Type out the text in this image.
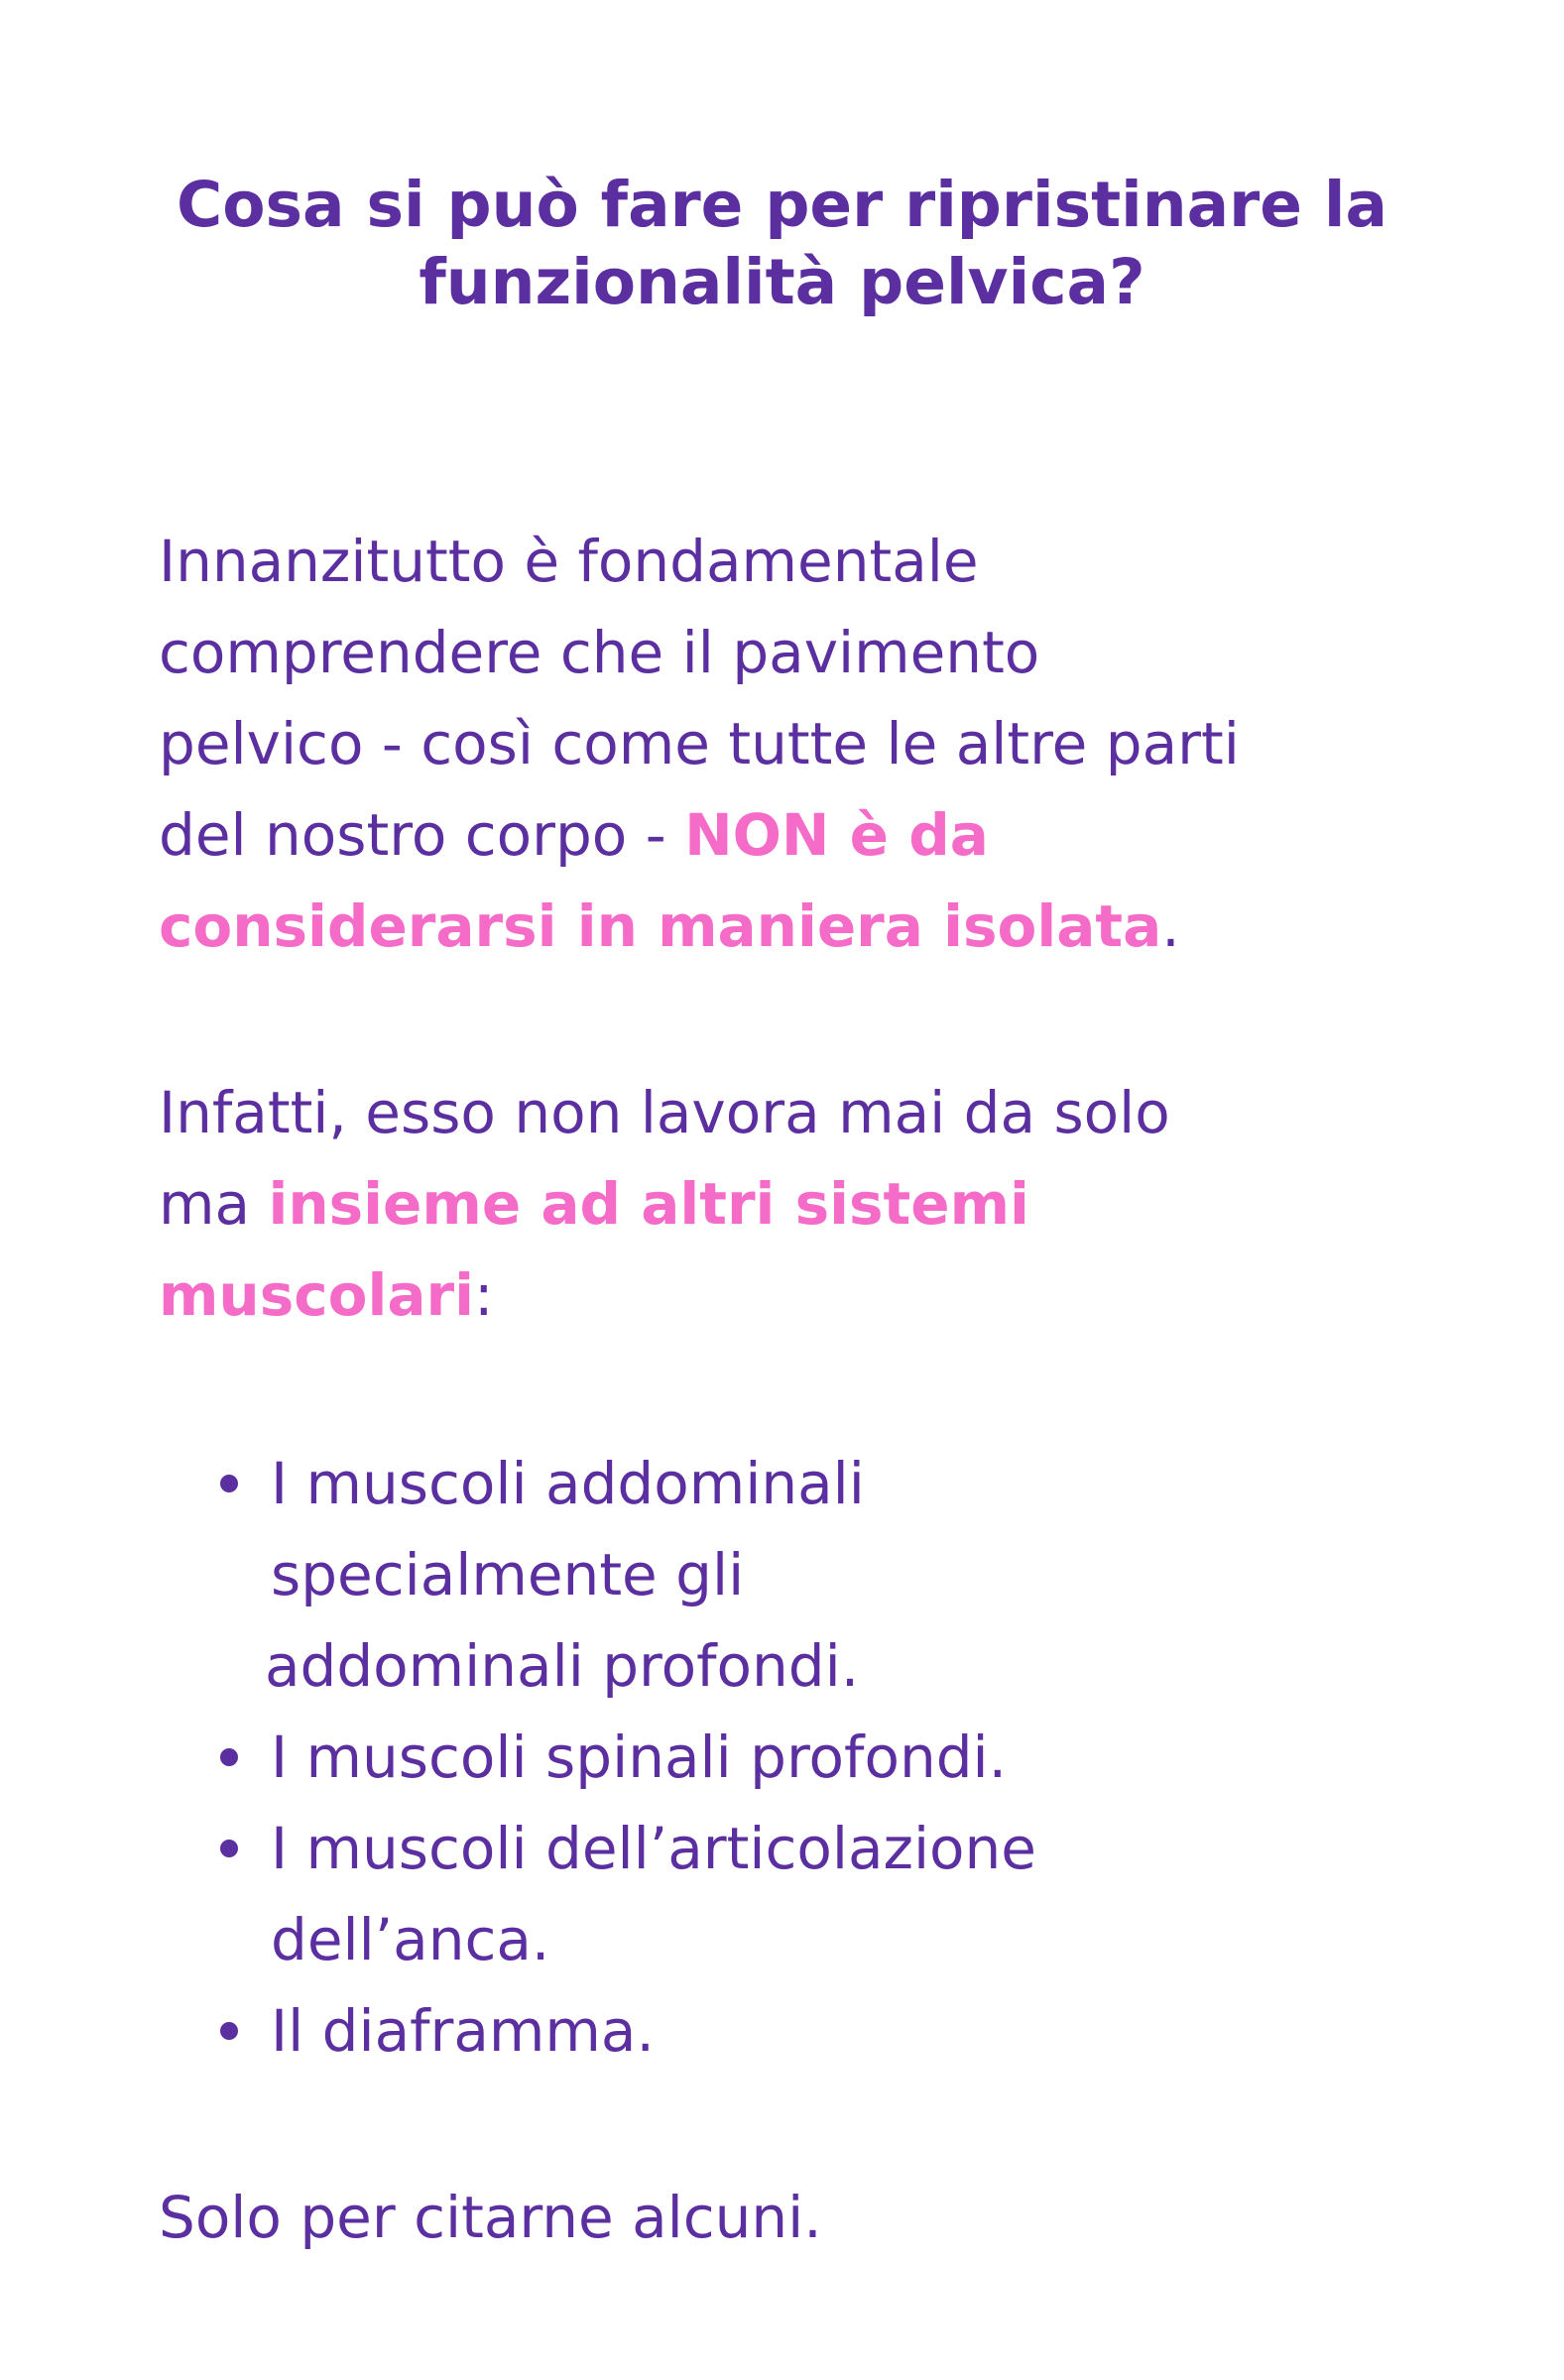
Cosa si può fare per ripristinare la
funzionalità pelvica?

Innanzitutto è fondamentale
comprendere che il pavimento
pelvico - così come tutte le altre parti
del nostro corpo - NON è da
considerarsi in maniera isolata.

Infatti, esso non lavora mai da solo
ma insieme ad altri sistemi
muscolari:

I muscoli addominali
specialmente gli
addominali profondi.
I muscoli spinali profondi.
I muscoli dell’articolazione
dell’anca.
Il diaframma.

Solo per citarne alcuni.
